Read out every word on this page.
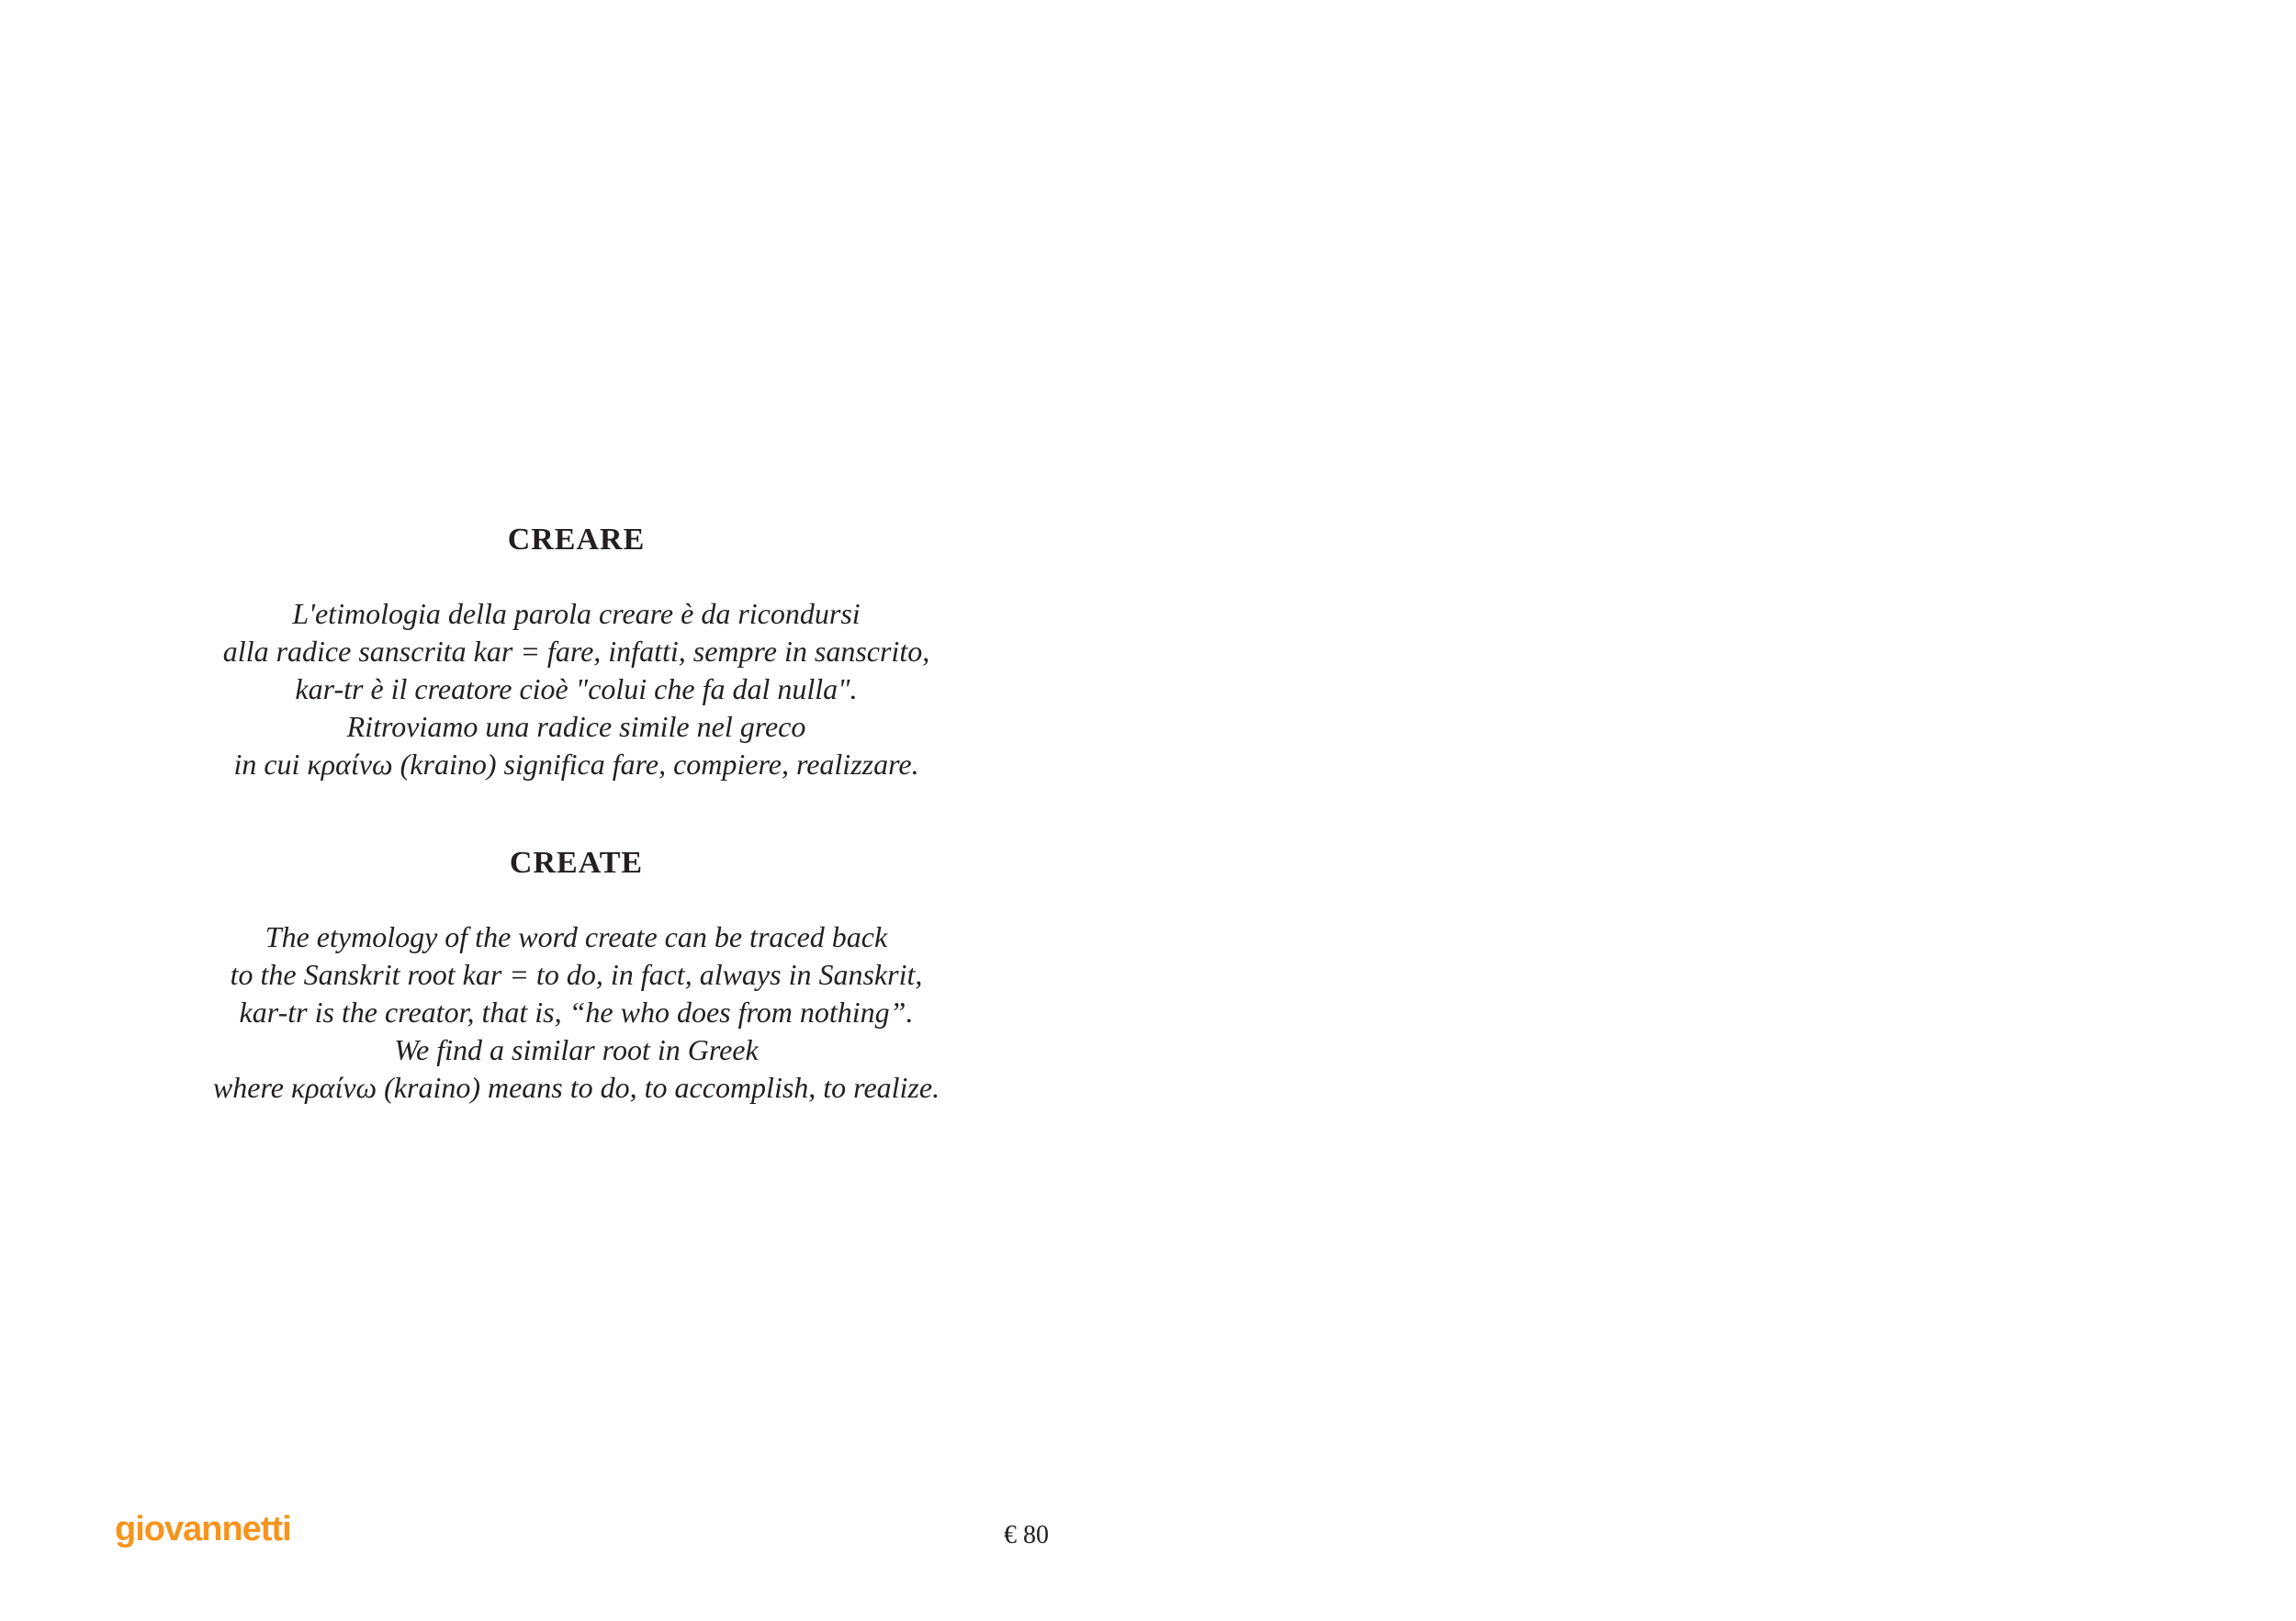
CREARE

L'etimologia della parola creare è da ricondursi
alla radice sanscrita kar = fare, infatti, sempre in sanscrito,
kar-tr è il creatore cioè "colui che fa dal nulla".
Ritroviamo una radice simile nel greco
in cui κραίνω (kraino) significa fare, compiere, realizzare.

CREATE

The etymology of the word create can be traced back
to the Sanskrit root kar = to do, in fact, always in Sanskrit,
kar-tr is the creator, that is, “he who does from nothing”.
We find a similar root in Greek
where κραίνω (kraino) means to do, to accomplish, to realize.

giovannetti	€ 80
